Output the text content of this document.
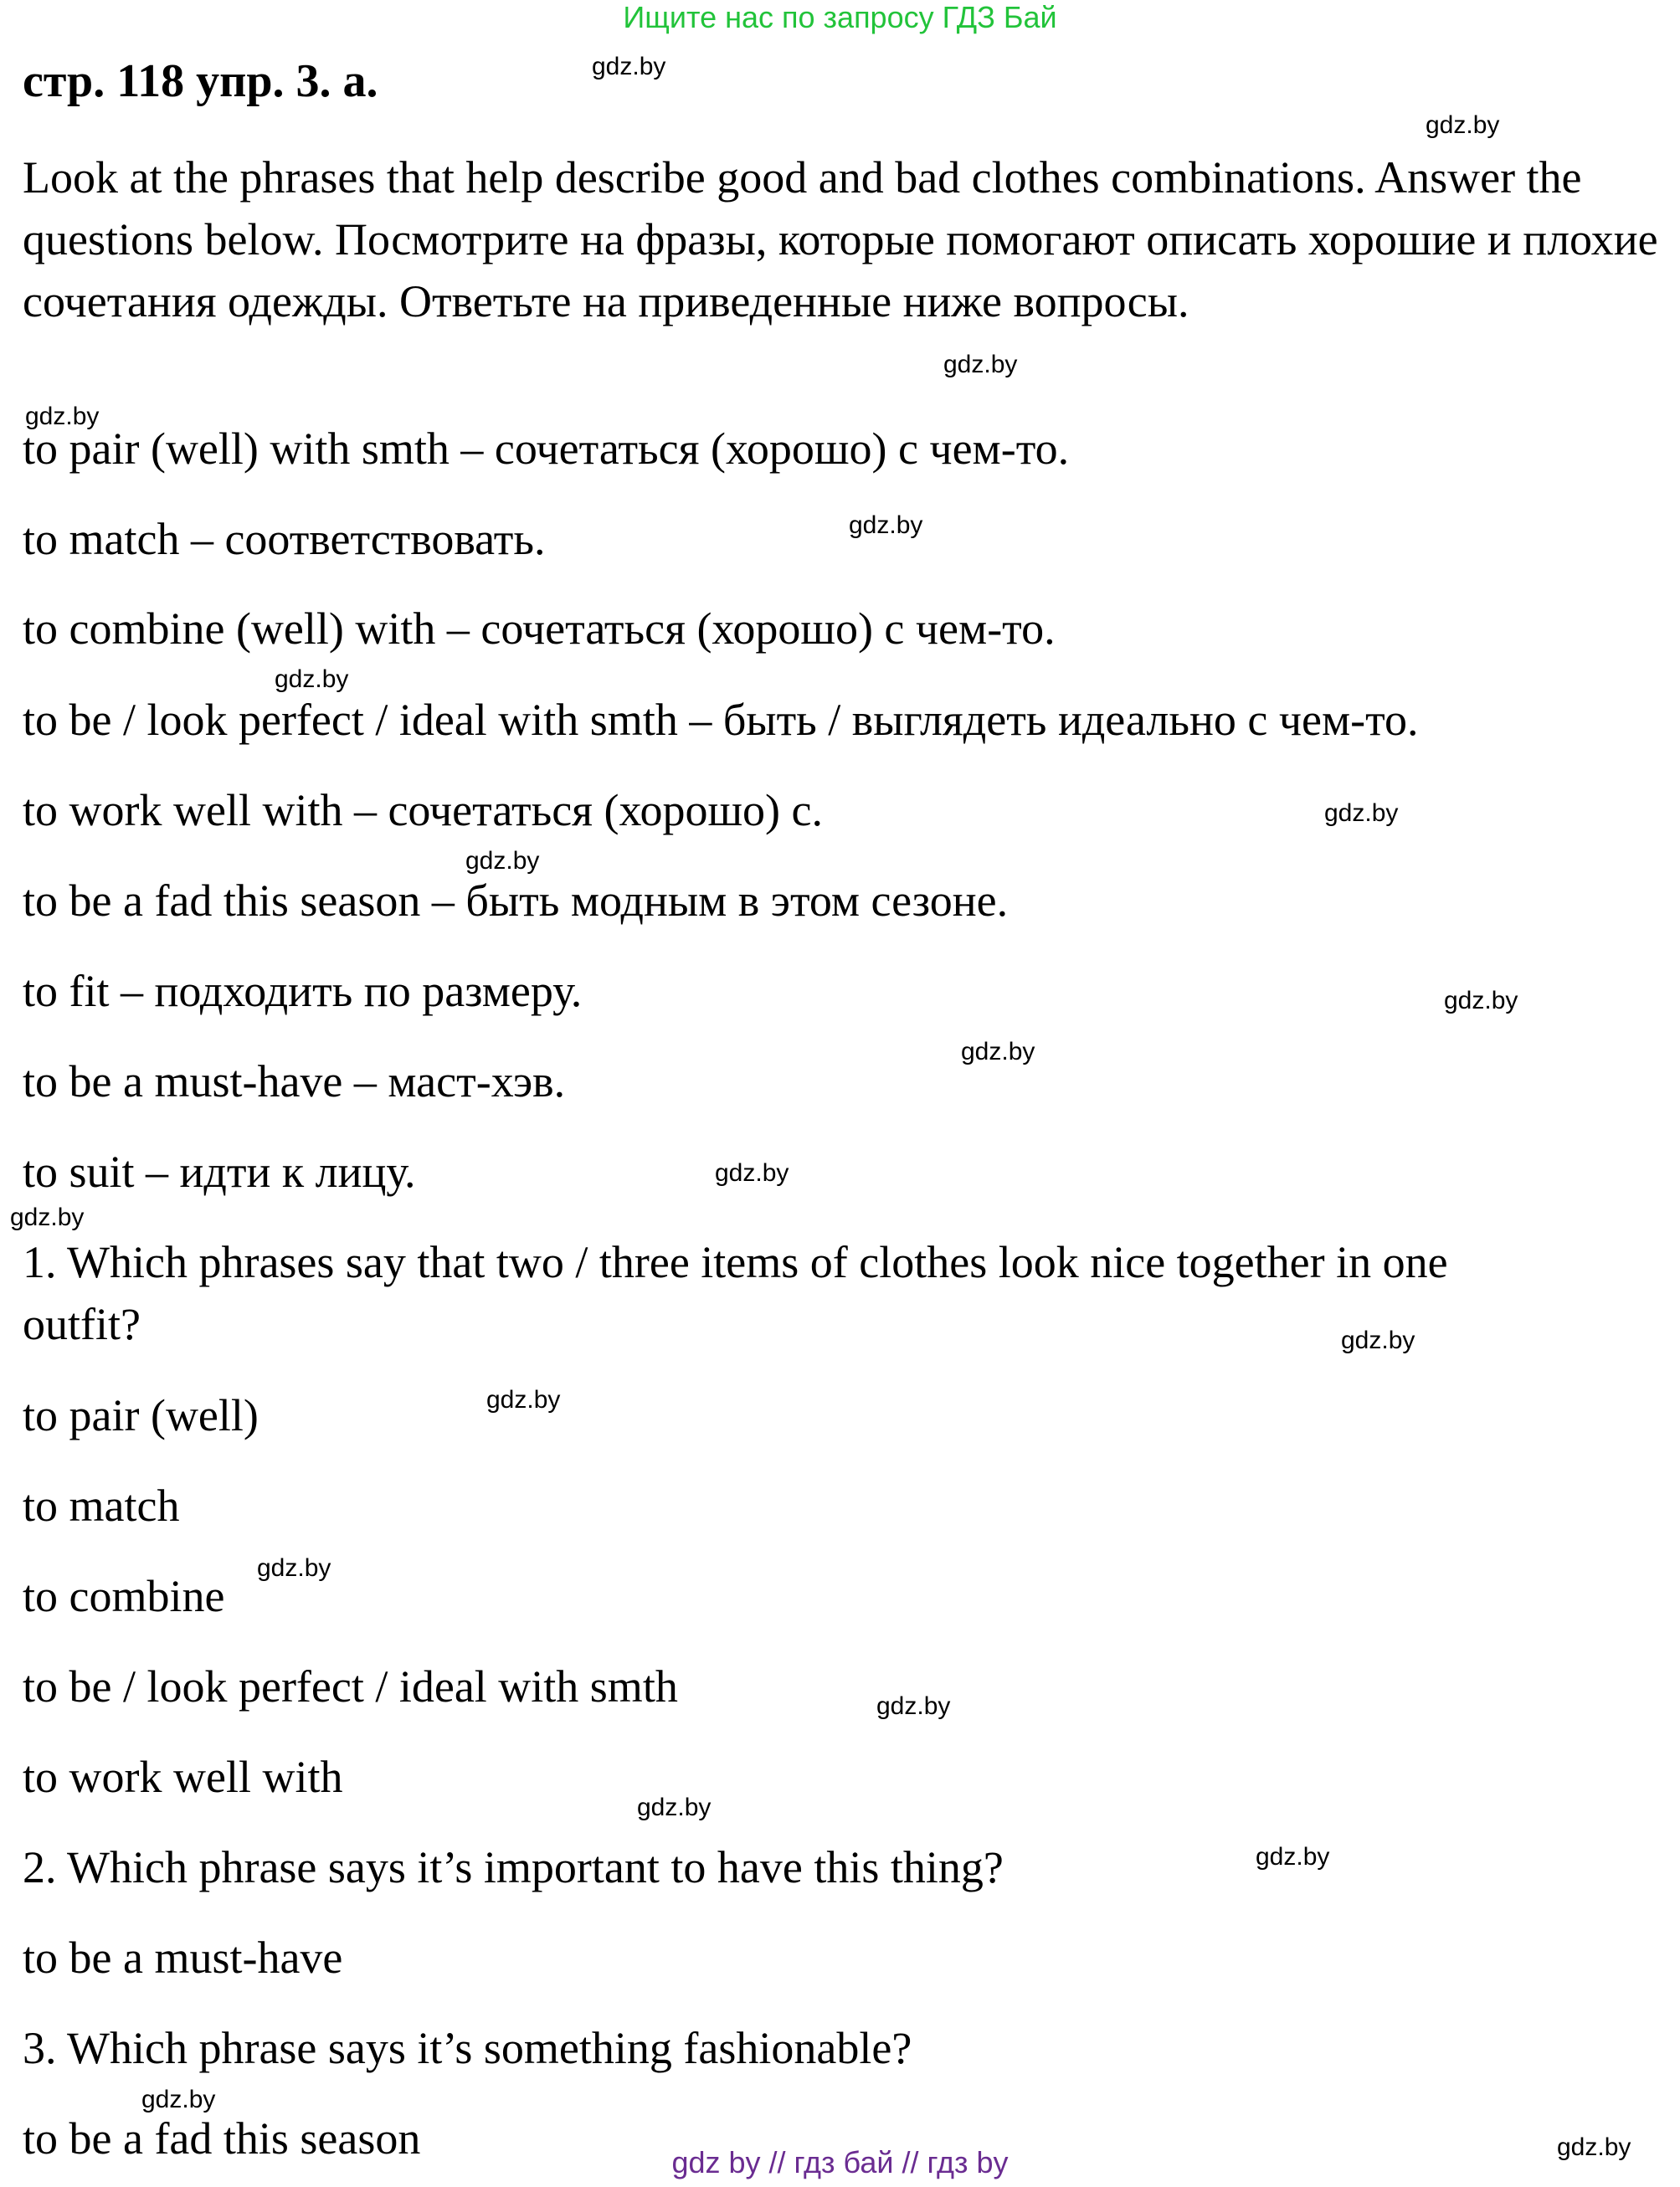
Ищите нас по запросу ГДЗ Бай
стр. 118 упр. 3. а.
Look at the phrases that help describe good and bad clothes combinations. Answer the questions below. Посмотрите на фразы, которые помогают описать хорошие и плохие сочетания одежды. Ответьте на приведенные ниже вопросы.
to pair (well) with smth – сочетаться (хорошо) с чем-то.
to match – соответствовать.
to combine (well) with – сочетаться (хорошо) с чем-то.
to be / look perfect / ideal with smth – быть / выглядеть идеально с чем-то.
to work well with – сочетаться (хорошо) с.
to be a fad this season – быть модным в этом сезоне.
to fit – подходить по размеру.
to be a must-have – маст-хэв.
to suit – идти к лицу.
1. Which phrases say that two / three items of clothes look nice together in one
outfit?
to pair (well)
to match
to combine
to be / look perfect / ideal with smth
to work well with
2. Which phrase says it’s important to have this thing?
to be a must-have
3. Which phrase says it’s something fashionable?
to be a fad this season
gdz.by
gdz.by
gdz.by
gdz.by
gdz.by
gdz.by
gdz.by
gdz.by
gdz.by
gdz.by
gdz.by
gdz.by
gdz.by
gdz.by
gdz.by
gdz.by
gdz.by
gdz.by
gdz.by
gdz.by
gdz by // гдз бай // гдз by
